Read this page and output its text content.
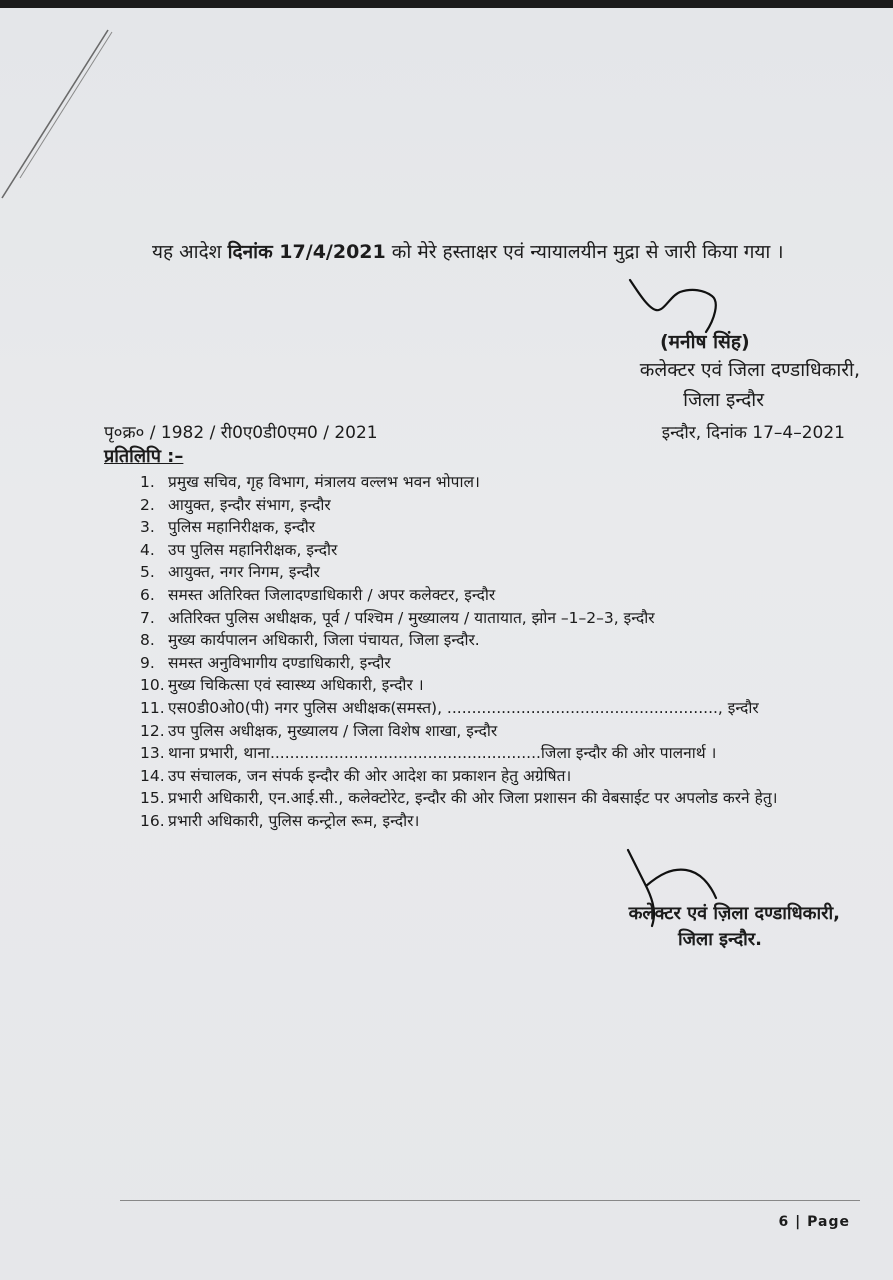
यह आदेश दिनांक 17/4/2021 को मेरे हस्ताक्षर एवं न्यायालयीन मुद्रा से जारी किया गया ।
(मनीष सिंह)
कलेक्टर एवं जिला दण्डाधिकारी,
जिला इन्दौर
पृ०क्र० / 1982 / री0ए0डी0एम0 / 2021	इन्दौर, दिनांक 17–4–2021
प्रतिलिपि :–
1. प्रमुख सचिव, गृह विभाग, मंत्रालय वल्लभ भवन भोपाल।
2. आयुक्त, इन्दौर संभाग, इन्दौर
3. पुलिस महानिरीक्षक, इन्दौर
4. उप पुलिस महानिरीक्षक, इन्दौर
5. आयुक्त, नगर निगम, इन्दौर
6. समस्त अतिरिक्त जिलादण्डाधिकारी / अपर कलेक्टर, इन्दौर
7. अतिरिक्त पुलिस अधीक्षक, पूर्व / पश्चिम / मुख्यालय / यातायात, झोन –1–2–3, इन्दौर
8. मुख्य कार्यपालन अधिकारी, जिला पंचायत, जिला इन्दौर.
9. समस्त अनुविभागीय दण्डाधिकारी, इन्दौर
10. मुख्य चिकित्सा एवं स्वास्थ्य अधिकारी, इन्दौर ।
11. एस0डी0ओ0(पी) नगर पुलिस अधीक्षक(समस्त), ......................................................., इन्दौर
12. उप पुलिस अधीक्षक, मुख्यालय / जिला विशेष शाखा, इन्दौर
13. थाना प्रभारी, थाना.......................................................जिला इन्दौर की ओर पालनार्थ ।
14. उप संचालक, जन संपर्क इन्दौर की ओर आदेश का प्रकाशन हेतु अग्रेषित।
15. प्रभारी अधिकारी, एन.आई.सी., कलेक्टोरेट, इन्दौर की ओर जिला प्रशासन की वेबसाईट पर अपलोड करने हेतु।
16. प्रभारी अधिकारी, पुलिस कन्ट्रोल रूम, इन्दौर।
कलेक्टर एवं ज़िला दण्डाधिकारी,
जिला इन्दौर.
6 | Page
